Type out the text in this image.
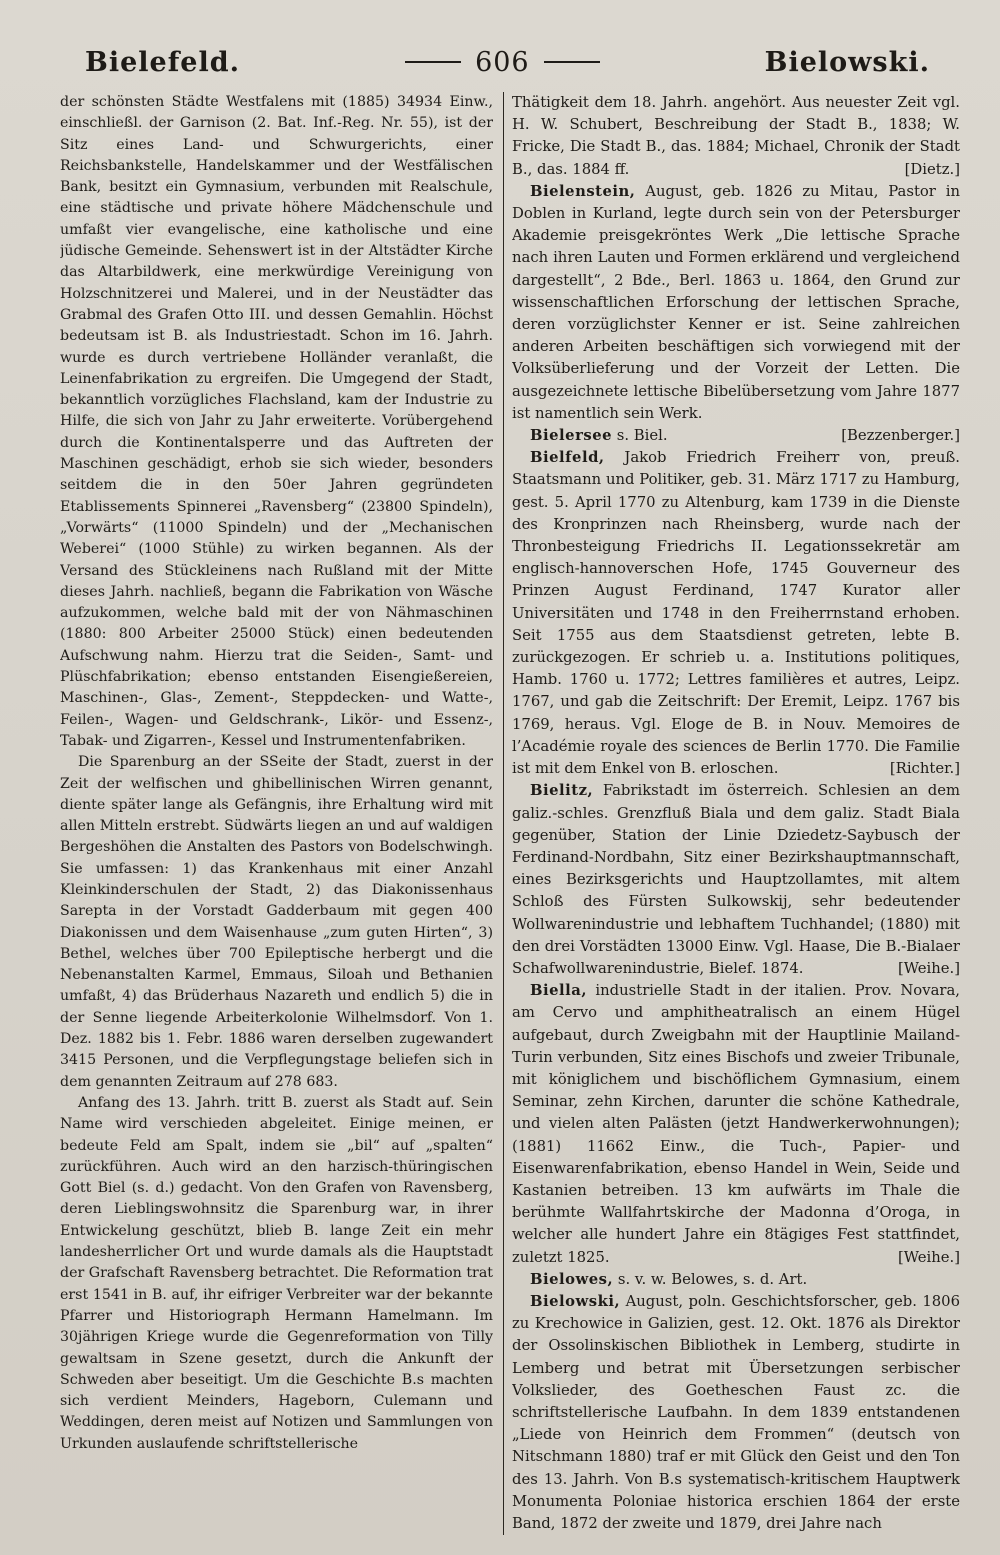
Bielefeld.	606	Bielowski.

der schönsten Städte Westfalens mit (1885) 34934 Einw., einschließl. der Garnison (2. Bat. Inf.-Reg. Nr. 55), ist der Sitz eines Land- und Schwurgerichts, einer Reichsbankstelle, Handelskammer und der Westfälischen Bank, besitzt ein Gymnasium, verbunden mit Realschule, eine städtische und private höhere Mädchenschule und umfaßt vier evangelische, eine katholische und eine jüdische Gemeinde. Sehenswert ist in der Altstädter Kirche das Altarbildwerk, eine merkwürdige Vereinigung von Holzschnitzerei und Malerei, und in der Neustädter das Grabmal des Grafen Otto III. und dessen Gemahlin. Höchst bedeutsam ist B. als Industriestadt. Schon im 16. Jahrh. wurde es durch vertriebene Holländer veranlaßt, die Leinenfabrikation zu ergreifen. Die Umgegend der Stadt, bekanntlich vorzügliches Flachsland, kam der Industrie zu Hilfe, die sich von Jahr zu Jahr erweiterte. Vorübergehend durch die Kontinentalsperre und das Auftreten der Maschinen geschädigt, erhob sie sich wieder, besonders seitdem die in den 50er Jahren gegründeten Etablissements Spinnerei „Ravensberg“ (23800 Spindeln), „Vorwärts“ (11000 Spindeln) und der „Mechanischen Weberei“ (1000 Stühle) zu wirken begannen. Als der Versand des Stückleinens nach Rußland mit der Mitte dieses Jahrh. nachließ, begann die Fabrikation von Wäsche aufzukommen, welche bald mit der von Nähmaschinen (1880: 800 Arbeiter 25000 Stück) einen bedeutenden Aufschwung nahm. Hierzu trat die Seiden-, Samt- und Plüschfabrikation; ebenso entstanden Eisengießereien, Maschinen-, Glas-, Zement-, Steppdecken- und Watte-, Feilen-, Wagen- und Geldschrank-, Likör- und Essenz-, Tabak- und Zigarren-, Kessel und Instrumentenfabriken.

Die Sparenburg an der SSeite der Stadt, zuerst in der Zeit der welfischen und ghibellinischen Wirren genannt, diente später lange als Gefängnis, ihre Erhaltung wird mit allen Mitteln erstrebt. Südwärts liegen an und auf waldigen Bergeshöhen die Anstalten des Pastors von Bodelschwingh. Sie umfassen: 1) das Krankenhaus mit einer Anzahl Kleinkinderschulen der Stadt, 2) das Diakonissenhaus Sarepta in der Vorstadt Gadderbaum mit gegen 400 Diakonissen und dem Waisenhause „zum guten Hirten“, 3) Bethel, welches über 700 Epileptische herbergt und die Nebenanstalten Karmel, Emmaus, Siloah und Bethanien umfaßt, 4) das Brüderhaus Nazareth und endlich 5) die in der Senne liegende Arbeiterkolonie Wilhelmsdorf. Von 1. Dez. 1882 bis 1. Febr. 1886 waren derselben zugewandert 3415 Personen, und die Verpflegungstage beliefen sich in dem genannten Zeitraum auf 278 683.

Anfang des 13. Jahrh. tritt B. zuerst als Stadt auf. Sein Name wird verschieden abgeleitet. Einige meinen, er bedeute Feld am Spalt, indem sie „bil“ auf „spalten“ zurückführen. Auch wird an den harzisch-thüringischen Gott Biel (s. d.) gedacht. Von den Grafen von Ravensberg, deren Lieblingswohnsitz die Sparenburg war, in ihrer Entwickelung geschützt, blieb B. lange Zeit ein mehr landesherrlicher Ort und wurde damals als die Hauptstadt der Grafschaft Ravensberg betrachtet. Die Reformation trat erst 1541 in B. auf, ihr eifriger Verbreiter war der bekannte Pfarrer und Historiograph Hermann Hamelmann. Im 30jährigen Kriege wurde die Gegenreformation von Tilly gewaltsam in Szene gesetzt, durch die Ankunft der Schweden aber beseitigt. Um die Geschichte B.s machten sich verdient Meinders, Hageborn, Culemann und Weddingen, deren meist auf Notizen und Sammlungen von Urkunden auslaufende schriftstellerische

Thätigkeit dem 18. Jahrh. angehört. Aus neuester Zeit vgl. H. W. Schubert, Beschreibung der Stadt B., 1838; W. Fricke, Die Stadt B., das. 1884; Michael, Chronik der Stadt B., das. 1884 ff.	[Dietz.]

Bielenstein, August, geb. 1826 zu Mitau, Pastor in Doblen in Kurland, legte durch sein von der Petersburger Akademie preisgekröntes Werk „Die lettische Sprache nach ihren Lauten und Formen erklärend und vergleichend dargestellt“, 2 Bde., Berl. 1863 u. 1864, den Grund zur wissenschaftlichen Erforschung der lettischen Sprache, deren vorzüglichster Kenner er ist. Seine zahlreichen anderen Arbeiten beschäftigen sich vorwiegend mit der Volksüberlieferung und der Vorzeit der Letten. Die ausgezeichnete lettische Bibelübersetzung vom Jahre 1877 ist namentlich sein Werk.

Bielersee s. Biel.	[Bezzenberger.]

Bielfeld, Jakob Friedrich Freiherr von, preuß. Staatsmann und Politiker, geb. 31. März 1717 zu Hamburg, gest. 5. April 1770 zu Altenburg, kam 1739 in die Dienste des Kronprinzen nach Rheinsberg, wurde nach der Thronbesteigung Friedrichs II. Legationssekretär am englisch-hannoverschen Hofe, 1745 Gouverneur des Prinzen August Ferdinand, 1747 Kurator aller Universitäten und 1748 in den Freiherrnstand erhoben. Seit 1755 aus dem Staatsdienst getreten, lebte B. zurückgezogen. Er schrieb u. a. Institutions politiques, Hamb. 1760 u. 1772; Lettres familières et autres, Leipz. 1767, und gab die Zeitschrift: Der Eremit, Leipz. 1767 bis 1769, heraus. Vgl. Eloge de B. in Nouv. Memoires de l’Académie royale des sciences de Berlin 1770. Die Familie ist mit dem Enkel von B. erloschen.	[Richter.]

Bielitz, Fabrikstadt im österreich. Schlesien an dem galiz.-schles. Grenzfluß Biala und dem galiz. Stadt Biala gegenüber, Station der Linie Dziedetz-Saybusch der Ferdinand-Nordbahn, Sitz einer Bezirkshauptmannschaft, eines Bezirksgerichts und Hauptzollamtes, mit altem Schloß des Fürsten Sulkowskij, sehr bedeutender Wollwarenindustrie und lebhaftem Tuchhandel; (1880) mit den drei Vorstädten 13000 Einw. Vgl. Haase, Die B.-Bialaer Schafwollwarenindustrie, Bielef. 1874.	[Weihe.]

Biella, industrielle Stadt in der italien. Prov. Novara, am Cervo und amphitheatralisch an einem Hügel aufgebaut, durch Zweigbahn mit der Hauptlinie Mailand-Turin verbunden, Sitz eines Bischofs und zweier Tribunale, mit königlichem und bischöflichem Gymnasium, einem Seminar, zehn Kirchen, darunter die schöne Kathedrale, und vielen alten Palästen (jetzt Handwerkerwohnungen); (1881) 11662 Einw., die Tuch-, Papier- und Eisenwarenfabrikation, ebenso Handel in Wein, Seide und Kastanien betreiben. 13 km aufwärts im Thale die berühmte Wallfahrtskirche der Madonna d’Oroga, in welcher alle hundert Jahre ein 8tägiges Fest stattfindet, zuletzt 1825.	[Weihe.]

Bielowes, s. v. w. Belowes, s. d. Art.

Bielowski, August, poln. Geschichtsforscher, geb. 1806 zu Krechowice in Galizien, gest. 12. Okt. 1876 als Direktor der Ossolinskischen Bibliothek in Lemberg, studirte in Lemberg und betrat mit Übersetzungen serbischer Volkslieder, des Goetheschen Faust zc. die schriftstellerische Laufbahn. In dem 1839 entstandenen „Liede von Heinrich dem Frommen“ (deutsch von Nitschmann 1880) traf er mit Glück den Geist und den Ton des 13. Jahrh. Von B.s systematisch-kritischem Hauptwerk Monumenta Poloniae historica erschien 1864 der erste Band, 1872 der zweite und 1879, drei Jahre nach
